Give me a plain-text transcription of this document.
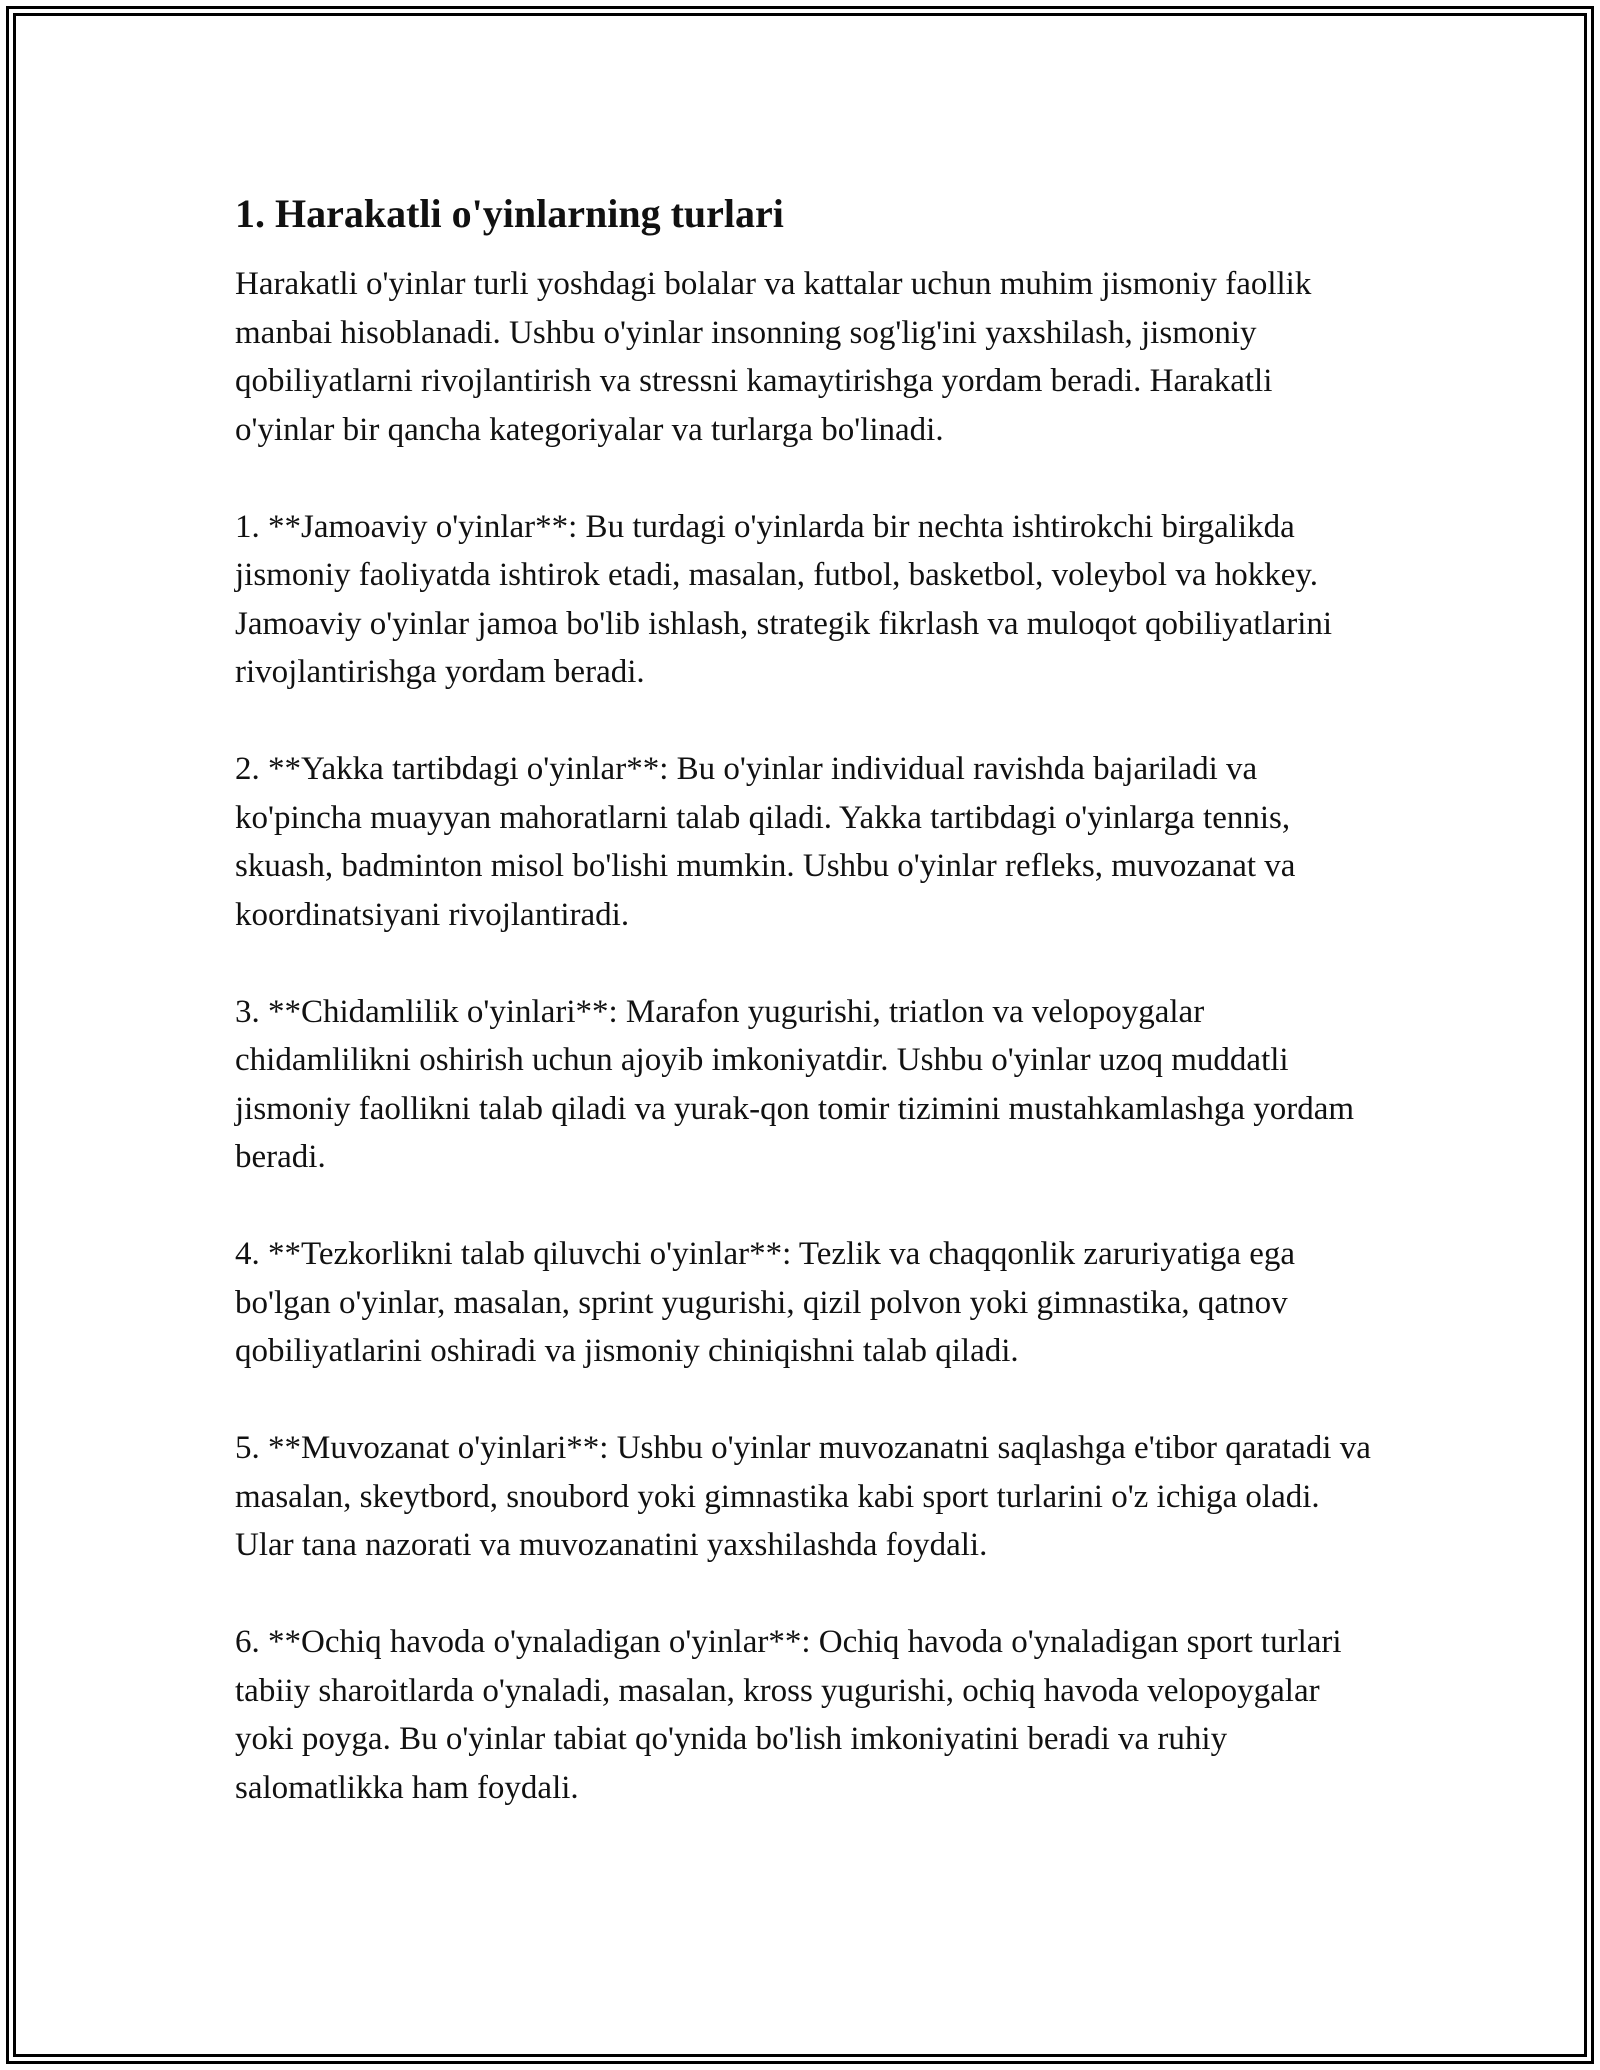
1. Harakatli o'yinlarning turlari

Harakatli o'yinlar turli yoshdagi bolalar va kattalar uchun muhim jismoniy faollik manbai hisoblanadi. Ushbu o'yinlar insonning sog'lig'ini yaxshilash, jismoniy qobiliyatlarni rivojlantirish va stressni kamaytirishga yordam beradi. Harakatli o'yinlar bir qancha kategoriyalar va turlarga bo'linadi.

1. **Jamoaviy o'yinlar**: Bu turdagi o'yinlarda bir nechta ishtirokchi birgalikda jismoniy faoliyatda ishtirok etadi, masalan, futbol, basketbol, voleybol va hokkey. Jamoaviy o'yinlar jamoa bo'lib ishlash, strategik fikrlash va muloqot qobiliyatlarini rivojlantirishga yordam beradi.

2. **Yakka tartibdagi o'yinlar**: Bu o'yinlar individual ravishda bajariladi va ko'pincha muayyan mahoratlarni talab qiladi. Yakka tartibdagi o'yinlarga tennis, skuash, badminton misol bo'lishi mumkin. Ushbu o'yinlar refleks, muvozanat va koordinatsiyani rivojlantiradi.

3. **Chidamlilik o'yinlari**: Marafon yugurishi, triatlon va velopoygalar chidamlilikni oshirish uchun ajoyib imkoniyatdir. Ushbu o'yinlar uzoq muddatli jismoniy faollikni talab qiladi va yurak-qon tomir tizimini mustahkamlashga yordam beradi.

4. **Tezkorlikni talab qiluvchi o'yinlar**: Tezlik va chaqqonlik zaruriyatiga ega bo'lgan o'yinlar, masalan, sprint yugurishi, qizil polvon yoki gimnastika, qatnov qobiliyatlarini oshiradi va jismoniy chiniqishni talab qiladi.

5. **Muvozanat o'yinlari**: Ushbu o'yinlar muvozanatni saqlashga e'tibor qaratadi va masalan, skeytbord, snoubord yoki gimnastika kabi sport turlarini o'z ichiga oladi. Ular tana nazorati va muvozanatini yaxshilashda foydali.

6. **Ochiq havoda o'ynaladigan o'yinlar**: Ochiq havoda o'ynaladigan sport turlari tabiiy sharoitlarda o'ynaladi, masalan, kross yugurishi, ochiq havoda velopoygalar yoki poyga. Bu o'yinlar tabiat qo'ynida bo'lish imkoniyatini beradi va ruhiy salomatlikka ham foydali.
